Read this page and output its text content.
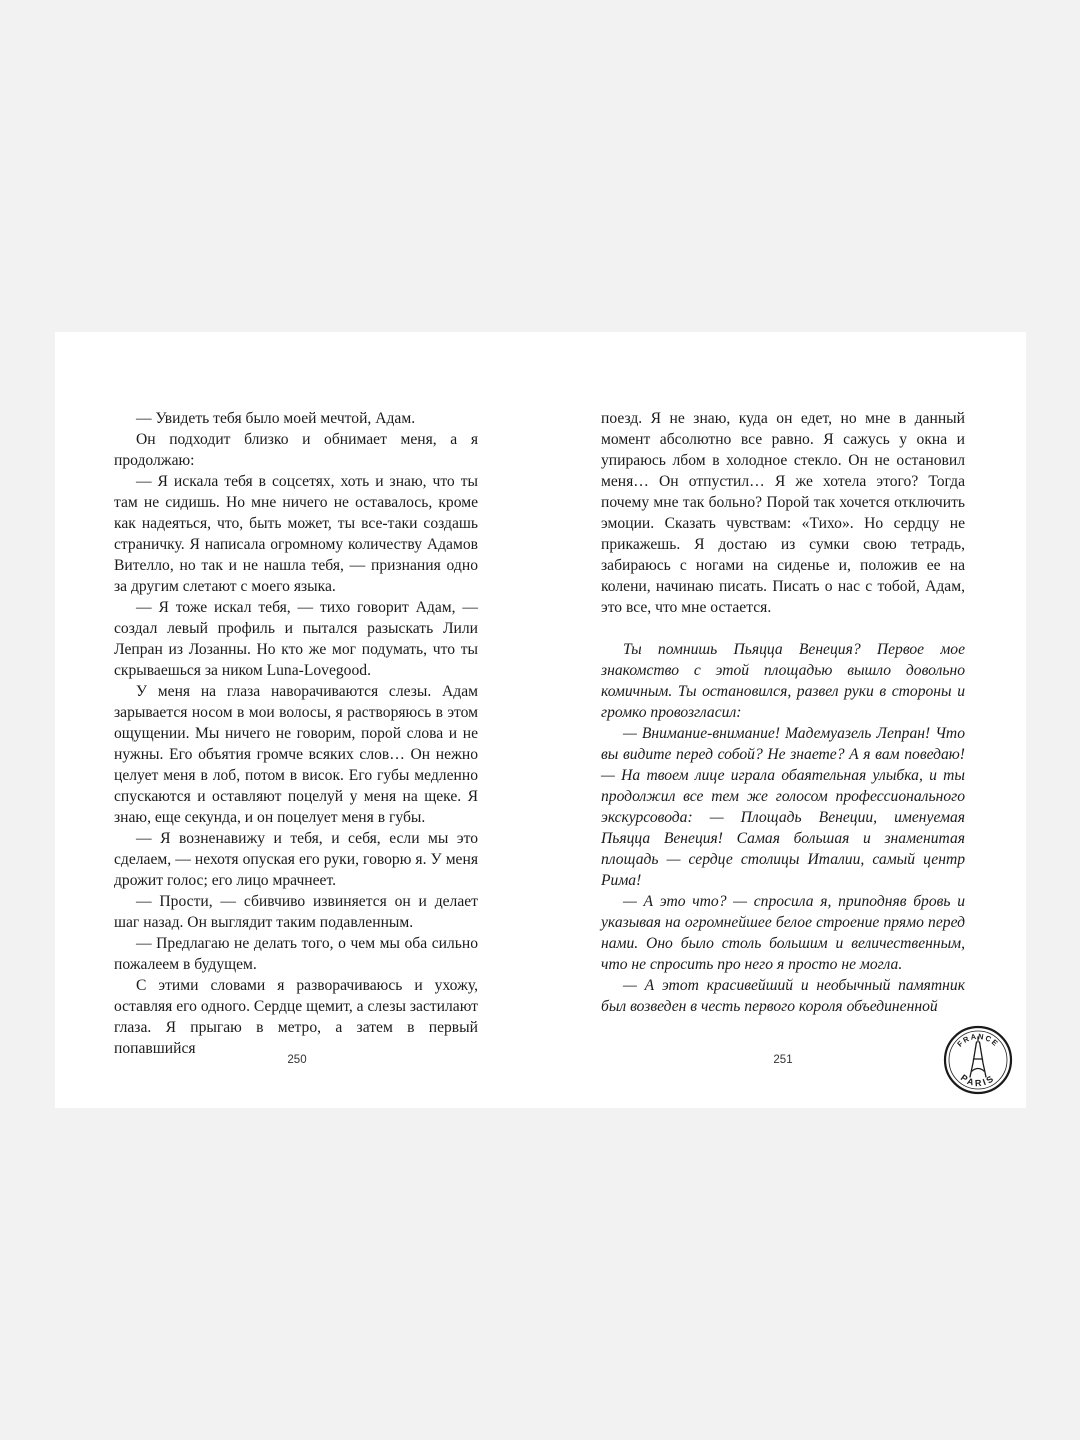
— Увидеть тебя было моей мечтой, Адам.

Он подходит близко и обнимает меня, а я продолжаю:

— Я искала тебя в соцсетях, хоть и знаю, что ты там не сидишь. Но мне ничего не оставалось, кроме как надеяться, что, быть может, ты все-таки создашь страничку. Я написала огромному количеству Адамов Вителло, но так и не нашла тебя, — признания одно за другим слетают с моего языка.

— Я тоже искал тебя, — тихо говорит Адам, — создал левый профиль и пытался разыскать Лили Лепран из Лозанны. Но кто же мог подумать, что ты скрываешься за ником Luna-Lovegood.

У меня на глаза наворачиваются слезы. Адам зарывается носом в мои волосы, я растворяюсь в этом ощущении. Мы ничего не говорим, порой слова и не нужны. Его объятия громче всяких слов… Он нежно целует меня в лоб, потом в висок. Его губы медленно спускаются и оставляют поцелуй у меня на щеке. Я знаю, еще секунда, и он поцелует меня в губы.

— Я возненавижу и тебя, и себя, если мы это сделаем, — нехотя опуская его руки, говорю я. У меня дрожит голос; его лицо мрачнеет.

— Прости, — сбивчиво извиняется он и делает шаг назад. Он выглядит таким подавленным.

— Предлагаю не делать того, о чем мы оба сильно пожалеем в будущем.

С этими словами я разворачиваюсь и ухожу, оставляя его одного. Сердце щемит, а слезы застилают глаза. Я прыгаю в метро, а затем в первый попавшийся

поезд. Я не знаю, куда он едет, но мне в данный момент абсолютно все равно. Я сажусь у окна и упираюсь лбом в холодное стекло. Он не остановил меня… Он отпустил… Я же хотела этого? Тогда почему мне так больно? Порой так хочется отключить эмоции. Сказать чувствам: «Тихо». Но сердцу не прикажешь. Я достаю из сумки свою тетрадь, забираюсь с ногами на сиденье и, положив ее на колени, начинаю писать. Писать о нас с тобой, Адам, это все, что мне остается.

Ты помнишь Пьяцца Венеция? Первое мое знакомство с этой площадью вышло довольно комичным. Ты остановился, развел руки в стороны и громко провозгласил:

— Внимание-внимание! Мадемуазель Лепран! Что вы видите перед собой? Не знаете? А я вам поведаю! — На твоем лице играла обаятельная улыбка, и ты продолжил все тем же голосом профессионального экскурсовода: — Площадь Венеции, именуемая Пьяцца Венеция! Самая большая и знаменитая площадь — сердце столицы Италии, самый центр Рима!

— А это что? — спросила я, приподняв бровь и указывая на огромнейшее белое строение прямо перед нами. Оно было столь большим и величественным, что не спросить про него я просто не могла.

— А этот красивейший и необычный памятник был возведен в честь первого короля объединенной

250	251
FRANCE
PARIS
